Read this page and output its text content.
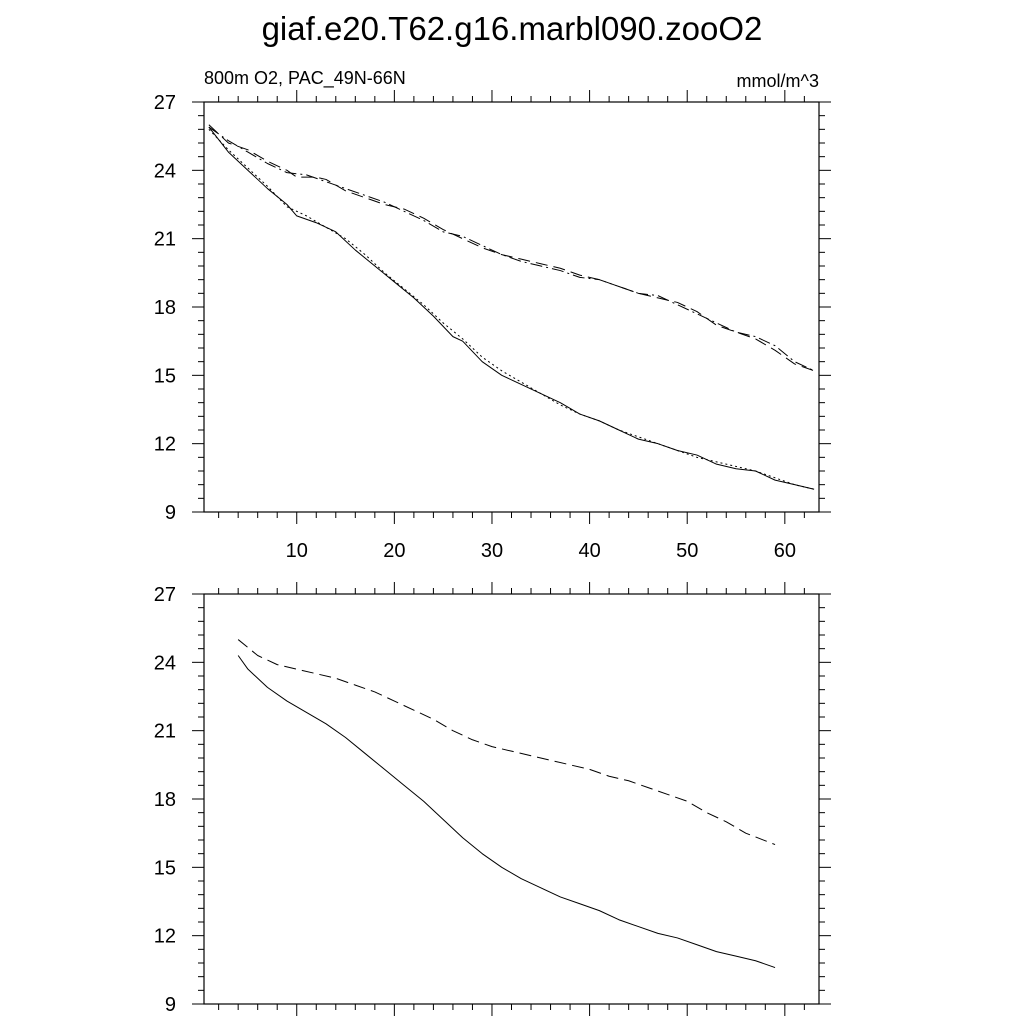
giaf.e20.T62.g16.marbl090.zooO2
800m O2, PAC_49N-66N	mmol/m^3
9
12
15
18
21
24
27
10	20	30	40	50	60
9
12
15
18
21
24
27
